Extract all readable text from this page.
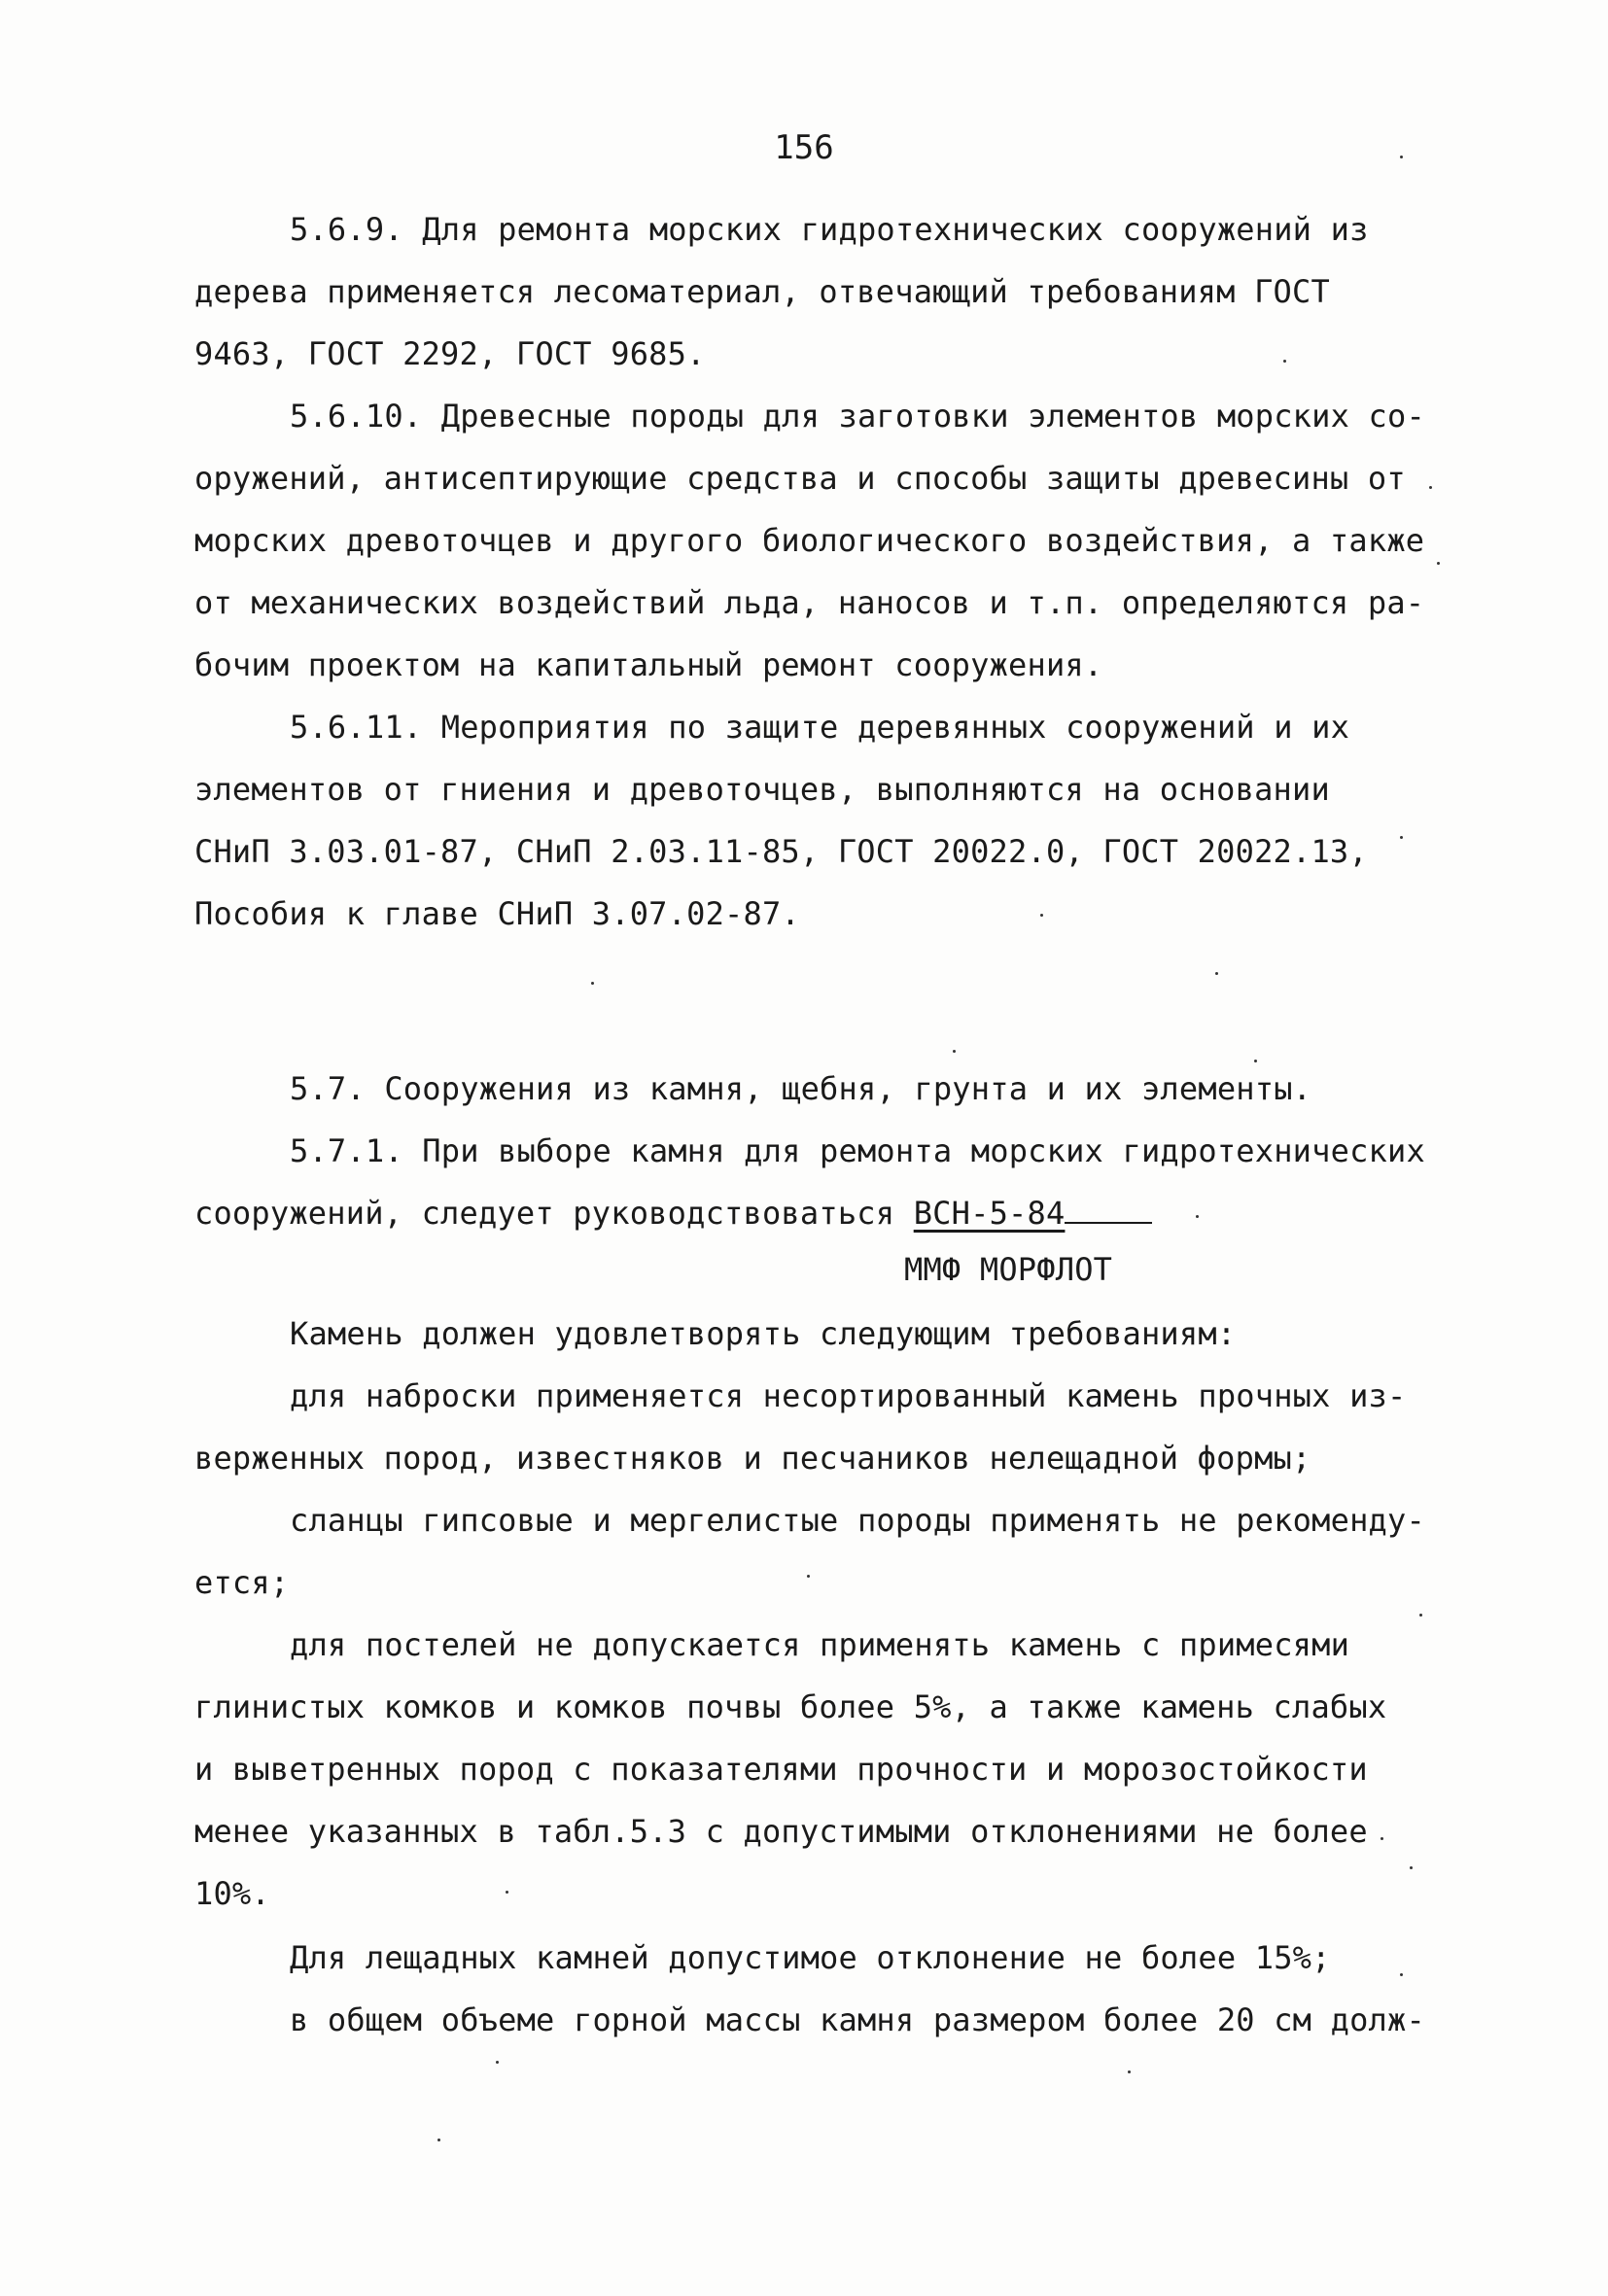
156
5.6.9. Для ремонта морских гидротехнических сооружений из
дерева применяется лесоматериал, отвечающий требованиям ГОСТ
9463, ГОСТ 2292, ГОСТ 9685.
5.6.10. Древесные породы для заготовки элементов морских со-
оружений, антисептирующие средства и способы защиты древесины от
морских древоточцев и другого биологического воздействия, а также
от механических воздействий льда, наносов и т.п. определяются ра-
бочим проектом на капитальный ремонт сооружения.
5.6.11. Мероприятия по защите деревянных сооружений и их
элементов от гниения и древоточцев, выполняются на основании
СНиП 3.03.01-87, СНиП 2.03.11-85, ГОСТ 20022.0, ГОСТ 20022.13,
Пособия к главе СНиП 3.07.02-87.
5.7. Сооружения из камня, щебня, грунта и их элементы.
5.7.1. При выборе камня для ремонта морских гидротехнических
сооружений, следует руководствоваться ВСН-5-84
ММФ МОРФЛОТ
Камень должен удовлетворять следующим требованиям:
для наброски применяется несортированный камень прочных из-
верженных пород, известняков и песчаников нелещадной формы;
сланцы гипсовые и мергелистые породы применять не рекоменду-
ется;
для постелей не допускается применять камень с примесями
глинистых комков и комков почвы более 5%, а также камень слабых
и выветренных пород с показателями прочности и морозостойкости
менее указанных в табл.5.3 с допустимыми отклонениями не более
10%.
Для лещадных камней допустимое отклонение не более 15%;
в общем объеме горной массы камня размером более 20 см долж-
